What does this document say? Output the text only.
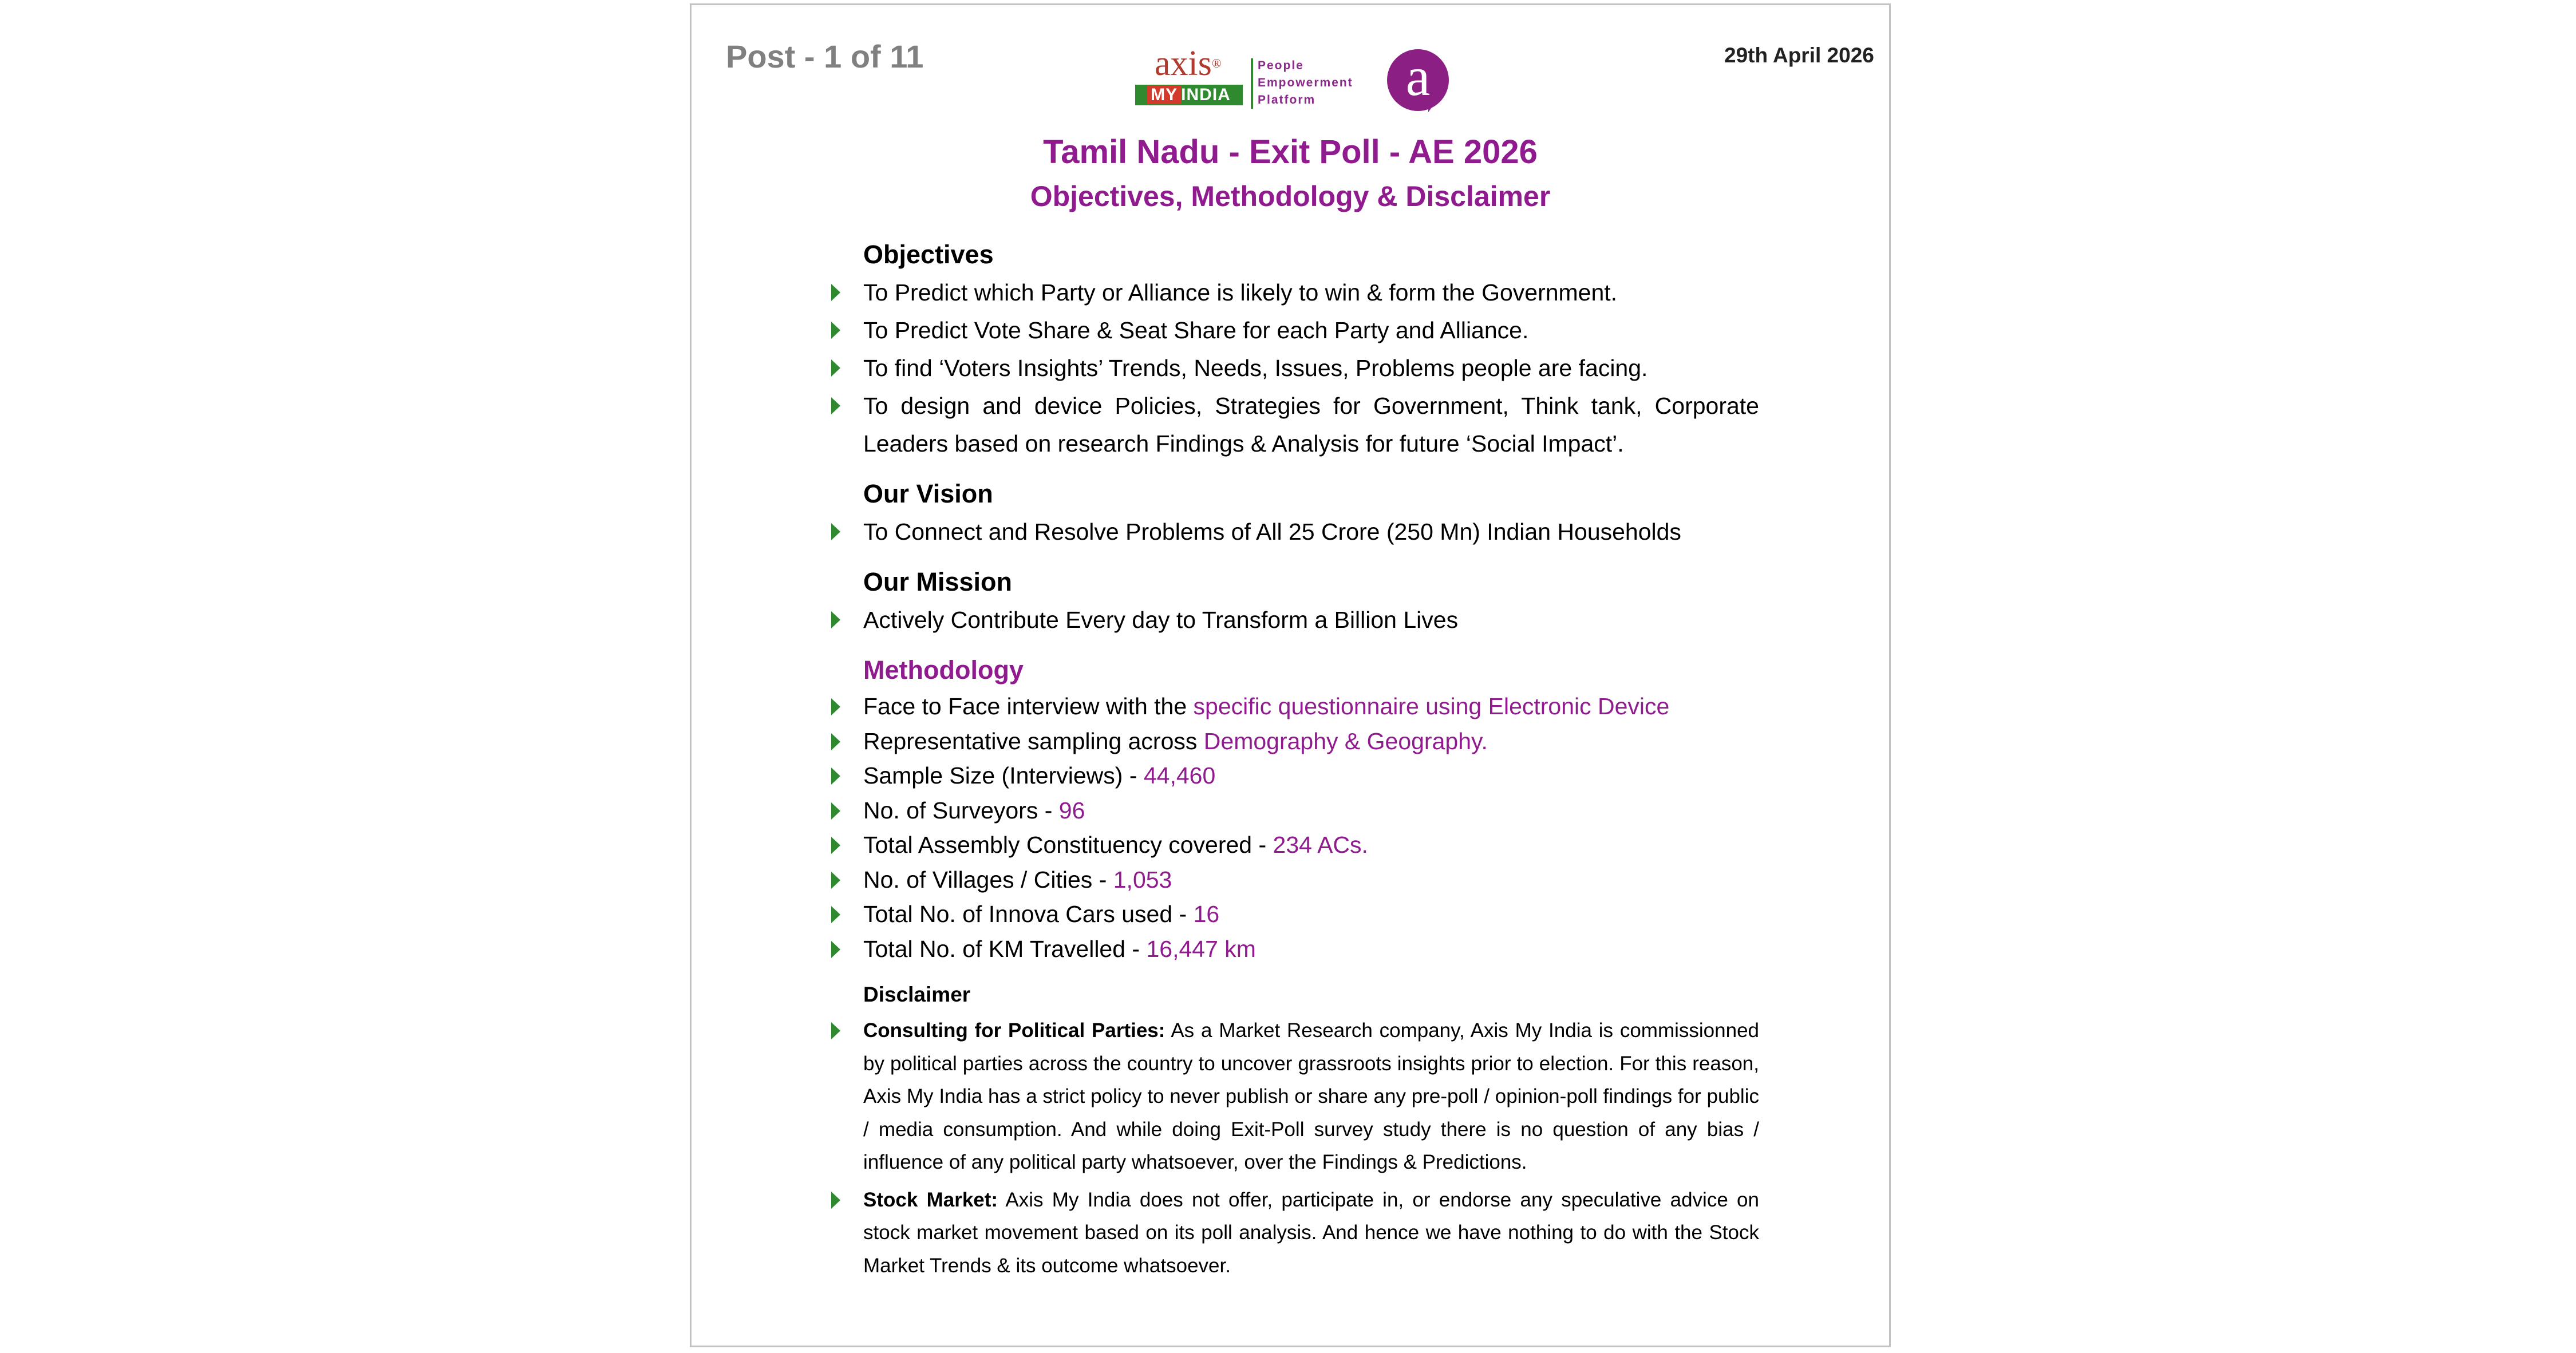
Post - 1 of 11	29th April 2026
axis®
MY INDIA
People
Empowerment
Platform	a
Tamil Nadu - Exit Poll - AE 2026
Objectives, Methodology & Disclaimer
Objectives
To Predict which Party or Alliance is likely to win & form the Government.
To Predict Vote Share & Seat Share for each Party and Alliance.
To find ‘Voters Insights’ Trends, Needs, Issues, Problems people are facing.
To design and device Policies, Strategies for Government, Think tank, Corporate Leaders based on research Findings & Analysis for future ‘Social Impact’.
Our Vision
To Connect and Resolve Problems of All 25 Crore (250 Mn) Indian Households
Our Mission
Actively Contribute Every day to Transform a Billion Lives
Methodology
Face to Face interview with the specific questionnaire using Electronic Device
Representative sampling across Demography & Geography.
Sample Size (Interviews) - 44,460
No. of Surveyors - 96
Total Assembly Constituency covered - 234 ACs.
No. of Villages / Cities - 1,053
Total No. of Innova Cars used - 16
Total No. of KM Travelled - 16,447 km
Disclaimer
Consulting for Political Parties: As a Market Research company, Axis My India is commissionned by political parties across the country to uncover grassroots insights prior to election. For this reason, Axis My India has a strict policy to never publish or share any pre-poll / opinion-poll findings for public / media consumption. And while doing Exit-Poll survey study there is no question of any bias / influence of any political party whatsoever, over the Findings & Predictions.
Stock Market: Axis My India does not offer, participate in, or endorse any speculative advice on stock market movement based on its poll analysis. And hence we have nothing to do with the Stock Market Trends & its outcome whatsoever.
